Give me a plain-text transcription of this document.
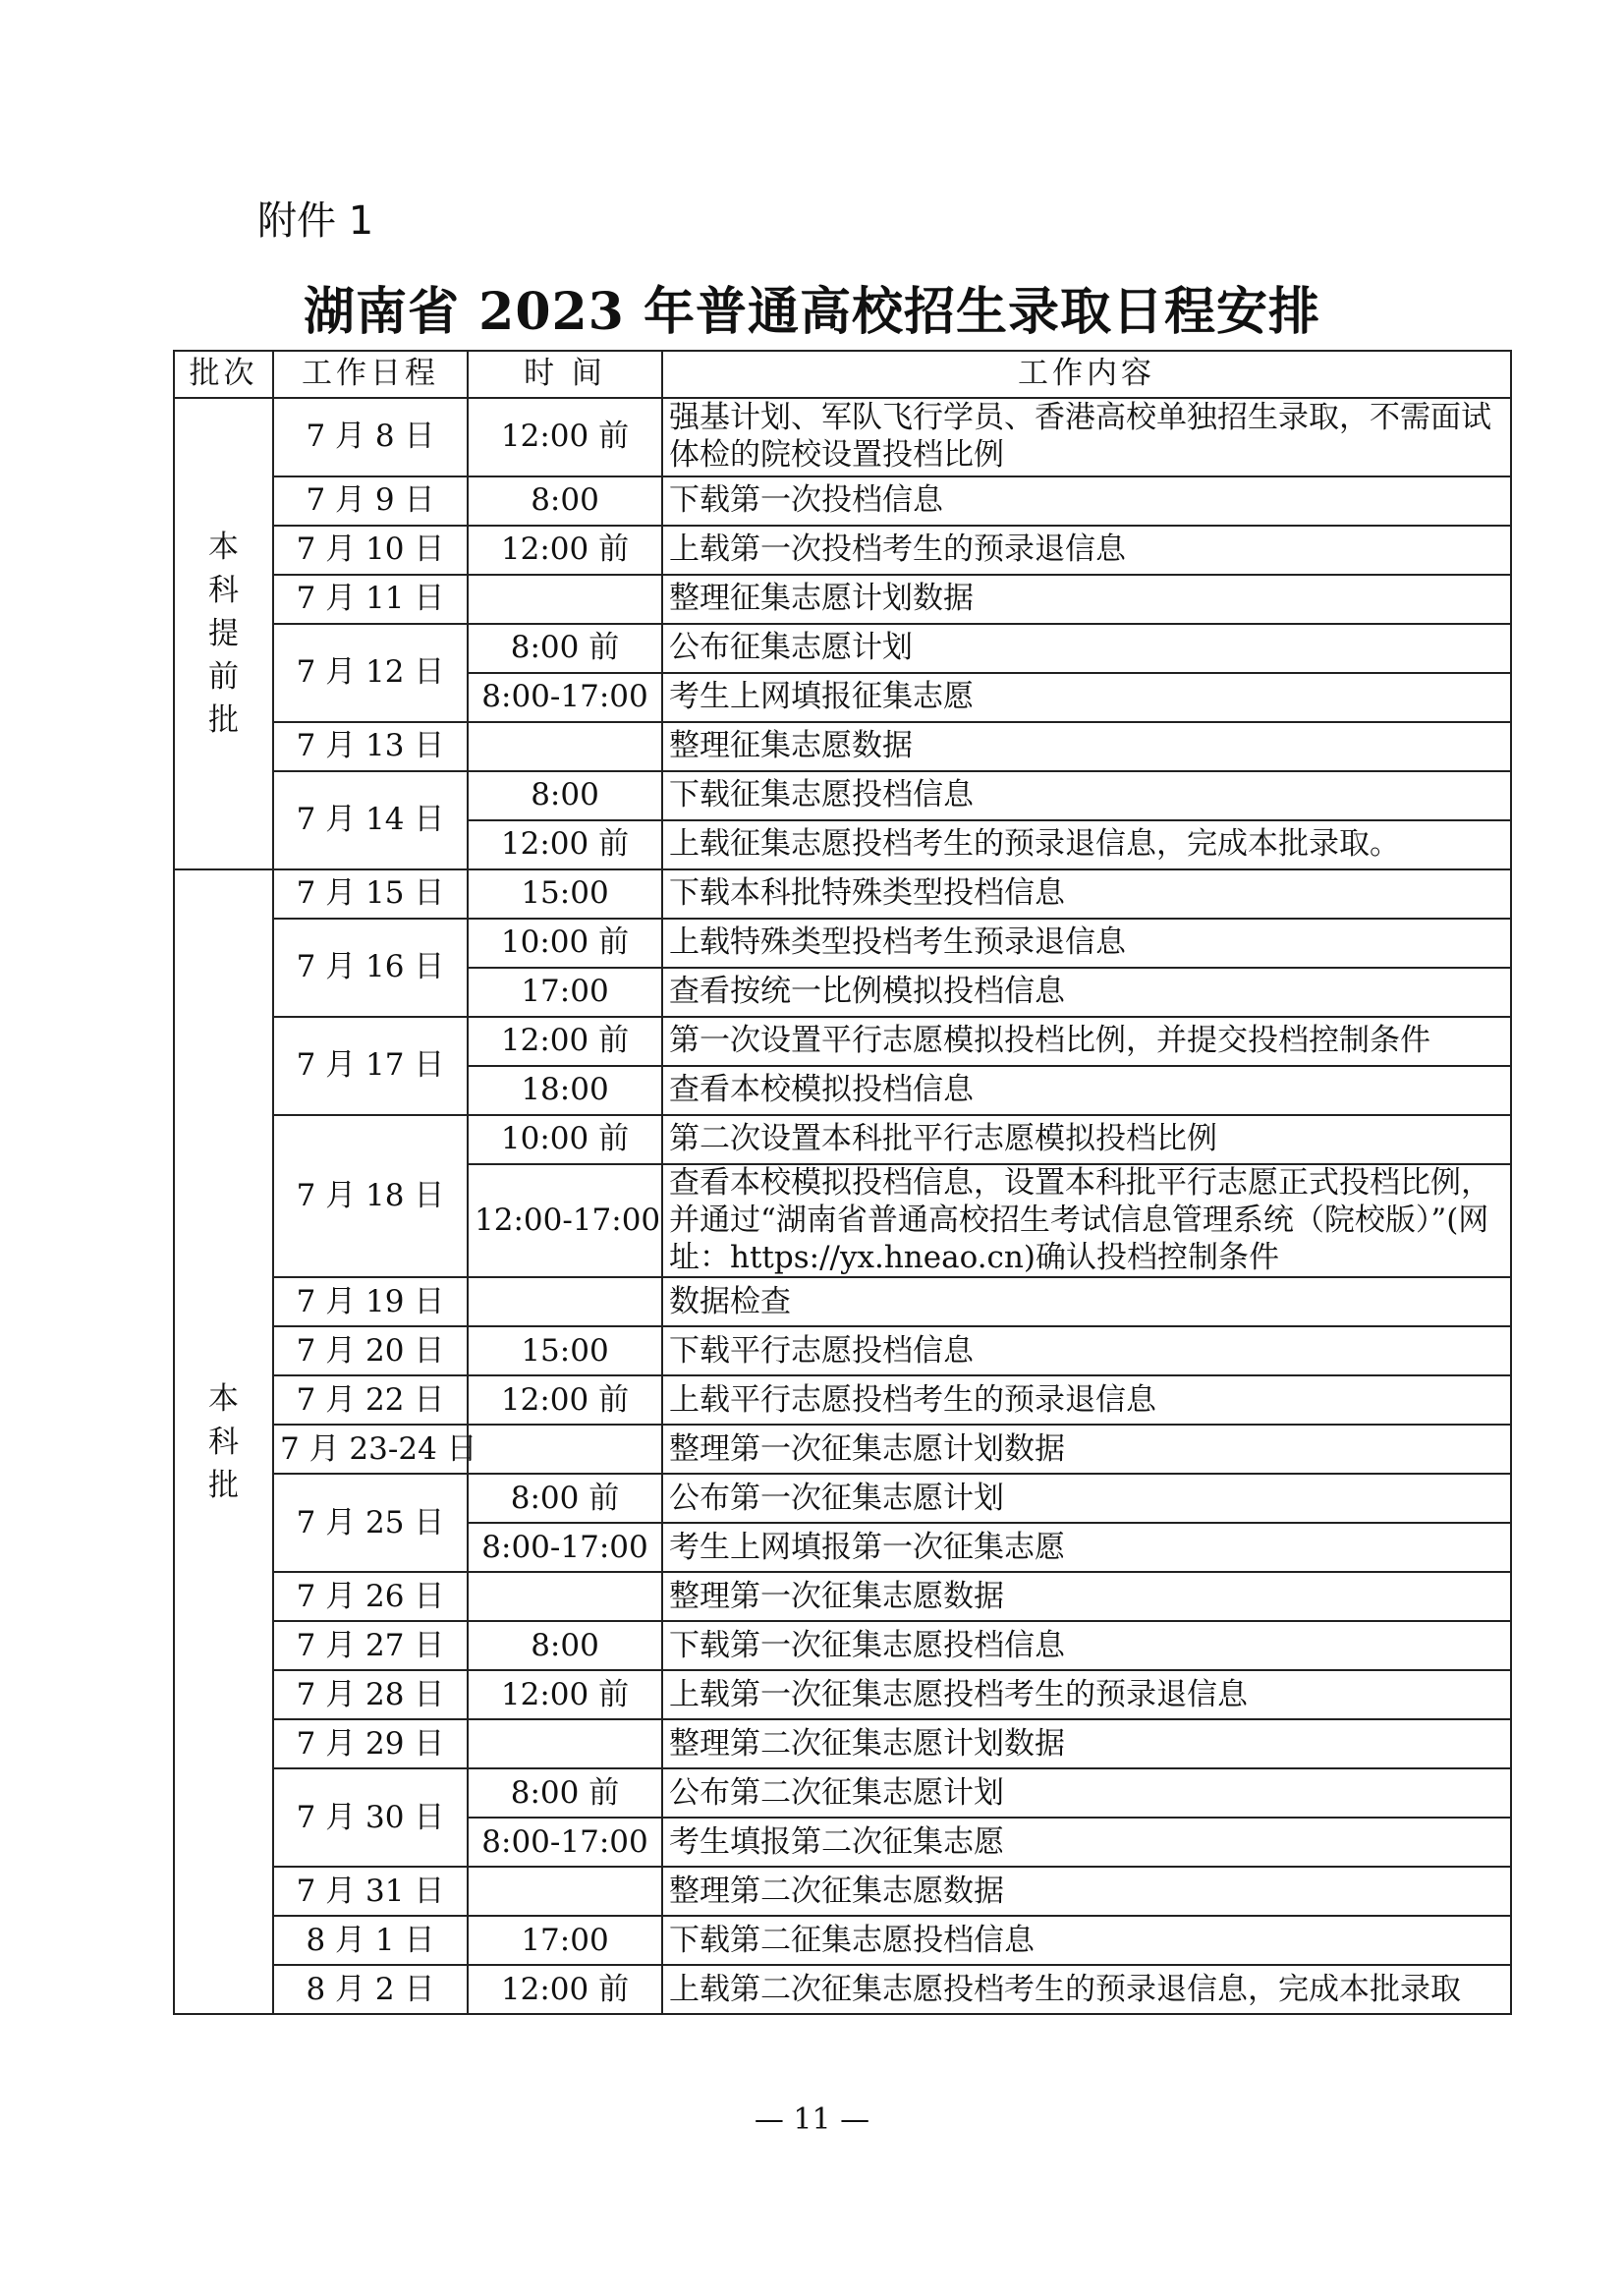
附件 1
湖南省 2023 年普通高校招生录取日程安排
批次	工作日程	时 间	工作内容
本科提前批	7 月 8 日	12:00 前	强基计划、军队飞行学员、香港高校单独招生录取，不需面试体检的院校设置投档比例
	7 月 9 日	8:00	下载第一次投档信息
	7 月 10 日	12:00 前	上载第一次投档考生的预录退信息
	7 月 11 日		整理征集志愿计划数据
	7 月 12 日	8:00 前	公布征集志愿计划
		8:00-17:00	考生上网填报征集志愿
	7 月 13 日		整理征集志愿数据
	7 月 14 日	8:00	下载征集志愿投档信息
		12:00 前	上载征集志愿投档考生的预录退信息，完成本批录取。
本科批	7 月 15 日	15:00	下载本科批特殊类型投档信息
	7 月 16 日	10:00 前	上载特殊类型投档考生预录退信息
		17:00	查看按统一比例模拟投档信息
	7 月 17 日	12:00 前	第一次设置平行志愿模拟投档比例，并提交投档控制条件
		18:00	查看本校模拟投档信息
	7 月 18 日	10:00 前	第二次设置本科批平行志愿模拟投档比例
		12:00-17:00	查看本校模拟投档信息，设置本科批平行志愿正式投档比例，并通过“湖南省普通高校招生考试信息管理系统（院校版）”(网址：https://yx.hneao.cn)确认投档控制条件
	7 月 19 日		数据检查
	7 月 20 日	15:00	下载平行志愿投档信息
	7 月 22 日	12:00 前	上载平行志愿投档考生的预录退信息
	7 月 23-24 日		整理第一次征集志愿计划数据
	7 月 25 日	8:00 前	公布第一次征集志愿计划
		8:00-17:00	考生上网填报第一次征集志愿
	7 月 26 日		整理第一次征集志愿数据
	7 月 27 日	8:00	下载第一次征集志愿投档信息
	7 月 28 日	12:00 前	上载第一次征集志愿投档考生的预录退信息
	7 月 29 日		整理第二次征集志愿计划数据
	7 月 30 日	8:00 前	公布第二次征集志愿计划
		8:00-17:00	考生填报第二次征集志愿
	7 月 31 日		整理第二次征集志愿数据
	8 月 1 日	17:00	下载第二征集志愿投档信息
	8 月 2 日	12:00 前	上载第二次征集志愿投档考生的预录退信息，完成本批录取
— 11 —
